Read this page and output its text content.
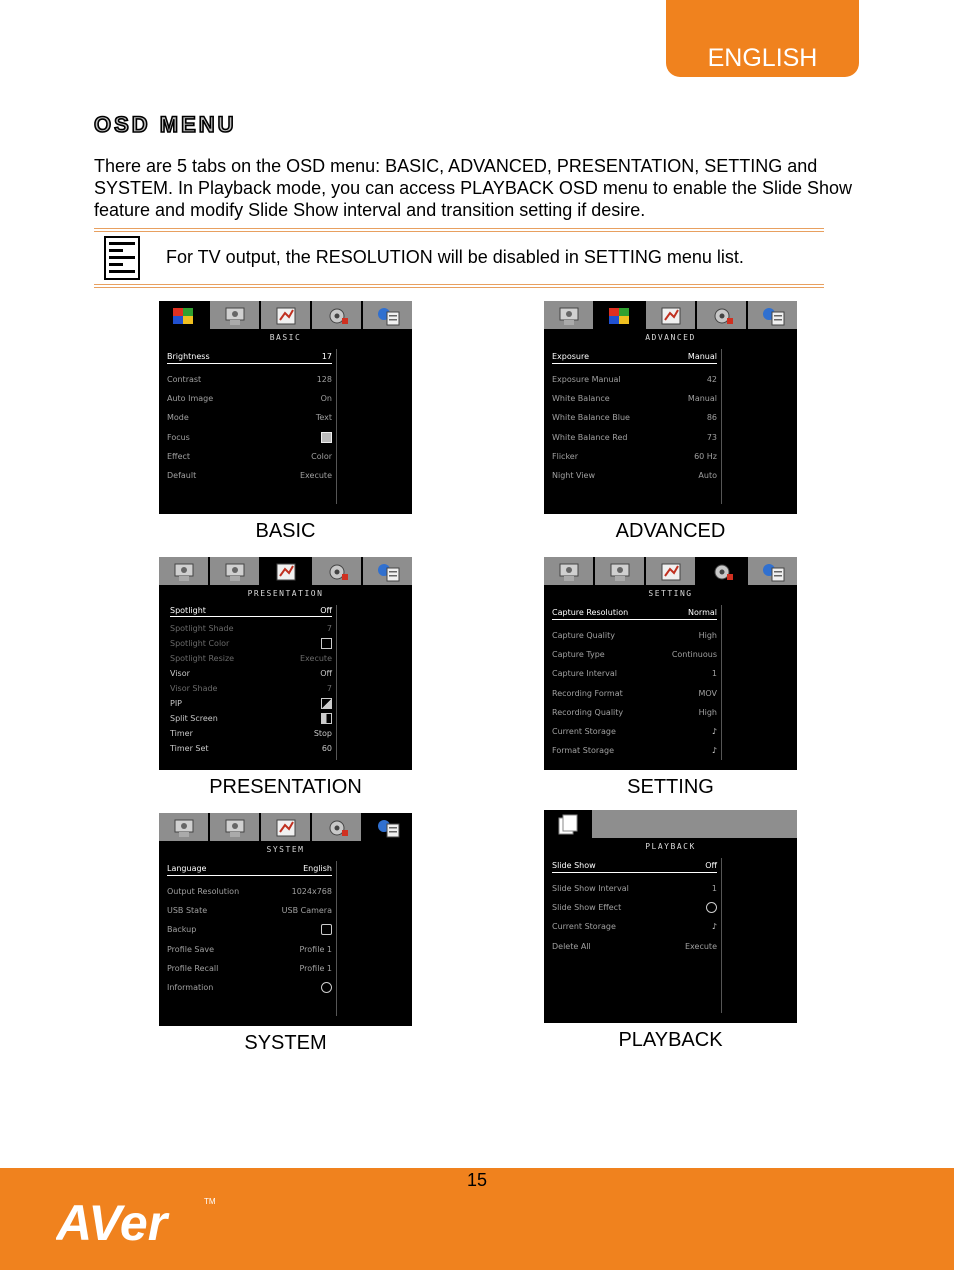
ENGLISH
OSD MENU
There are 5 tabs on the OSD menu: BASIC, ADVANCED, PRESENTATION, SETTING and SYSTEM. In Playback mode, you can access PLAYBACK OSD menu to enable the Slide Show feature and modify Slide Show interval and transition setting if desire.
For TV output, the RESOLUTION will be disabled in SETTING menu list.
BASIC
Brightness	17
Contrast	128
Auto Image	On
Mode	Text
Focus
Effect	Color
Default	Execute
BASIC
ADVANCED
Exposure	Manual
Exposure Manual	42
White Balance	Manual
White Balance Blue	86
White Balance Red	73
Flicker	60 Hz
Night View	Auto
ADVANCED
PRESENTATION
Spotlight	Off
Spotlight Shade	7
Spotlight Color
Spotlight Resize	Execute
Visor	Off
Visor Shade	7
PIP
Split Screen
Timer	Stop
Timer Set	60
PRESENTATION
SETTING
Capture Resolution	Normal
Capture Quality	High
Capture Type	Continuous
Capture Interval	1
Recording Format	MOV
Recording Quality	High
Current Storage	♪
Format Storage	♪
SETTING
SYSTEM
Language	English
Output Resolution	1024x768
USB State	USB Camera
Backup
Profile Save	Profile 1
Profile Recall	Profile 1
Information
SYSTEM
PLAYBACK
Slide Show	Off
Slide Show Interval	1
Slide Show Effect
Current Storage	♪
Delete All	Execute
PLAYBACK
15
AVer	TM
